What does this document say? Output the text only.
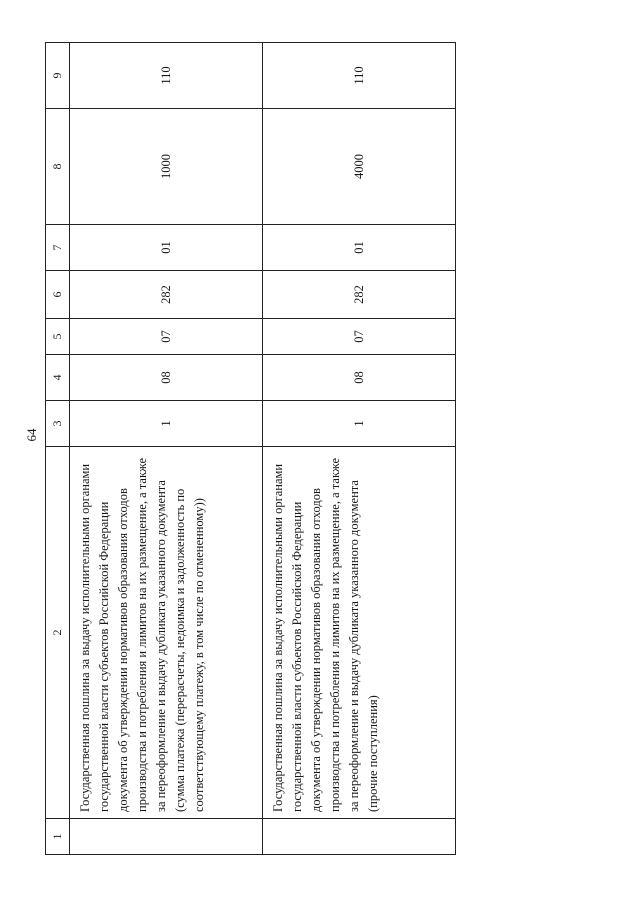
64
1	2	3	4	5	6	7	8	9
	Государственная пошлина за выдачу исполнительными органами государственной власти субъектов Российской Федерации документа об утверждении нормативов образования отходов производства и потребления и лимитов на их размещение, а также за переоформление и выдачу дубликата указанного документа (сумма платежа (перерасчеты, недоимка и задолженность по соответствующему платежу, в том числе по отмененному))	1	08	07	282	01	1000	110
	Государственная пошлина за выдачу исполнительными органами государственной власти субъектов Российской Федерации документа об утверждении нормативов образования отходов производства и потребления и лимитов на их размещение, а также за переоформление и выдачу дубликата указанного документа (прочие поступления)	1	08	07	282	01	4000	110
